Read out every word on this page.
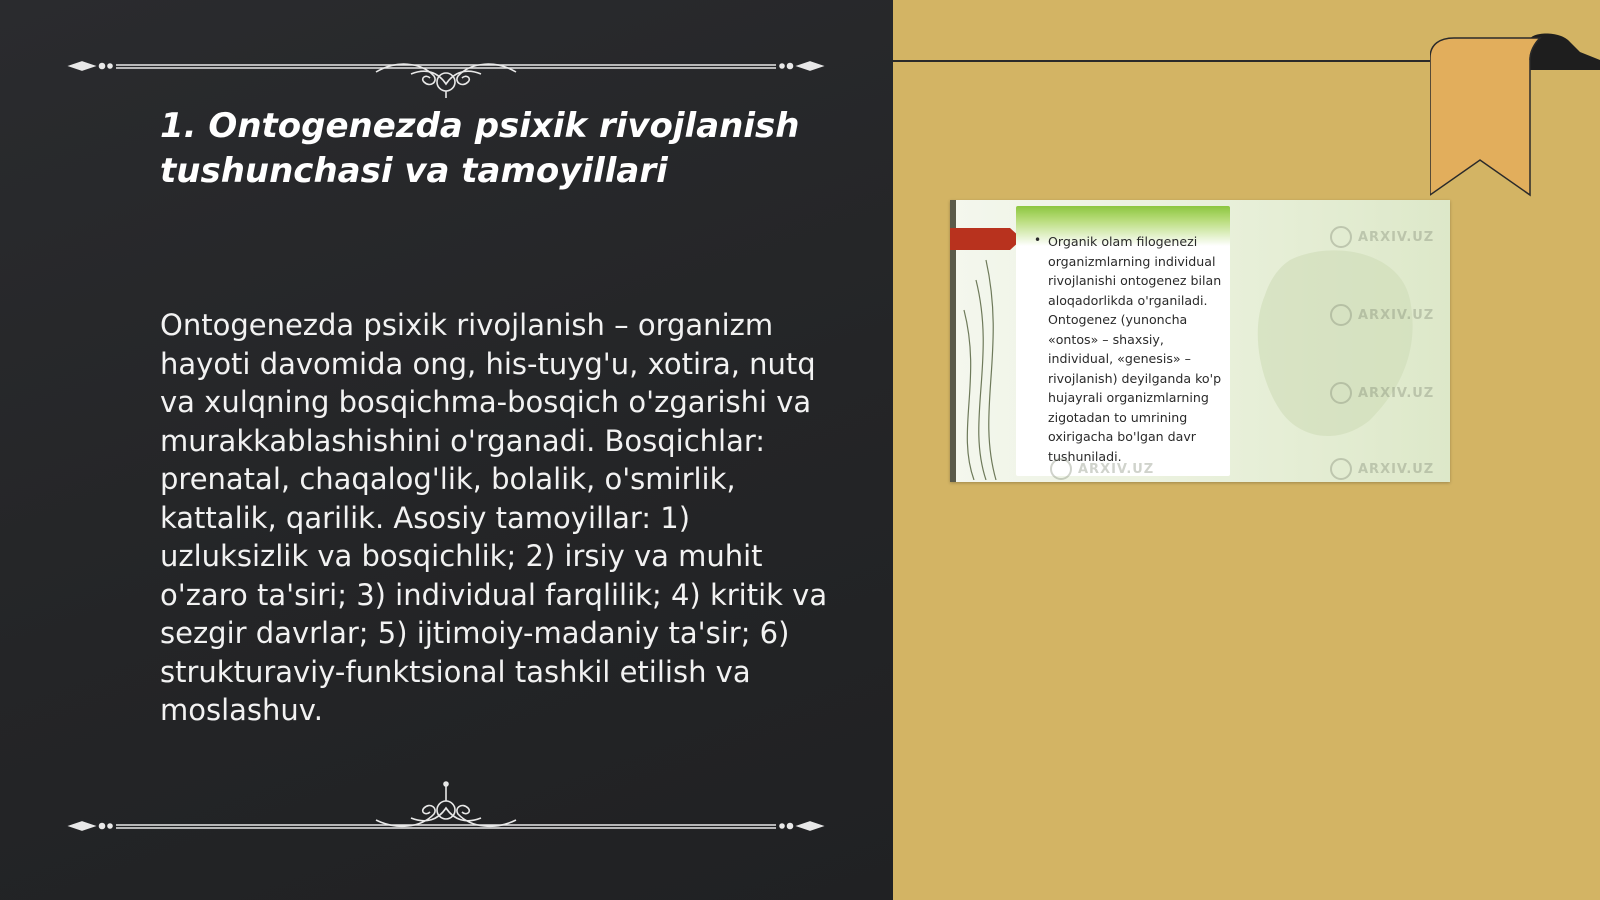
1. Ontogenezda psixik rivojlanish tushunchasi va tamoyillari

Ontogenezda psixik rivojlanish – organizm hayoti davomida ong, his-tuyg'u, xotira, nutq va xulqning bosqichma-bosqich o'zgarishi va murakkablashishini o'rganadi. Bosqichlar: prenatal, chaqalog'lik, bolalik, o'smirlik, kattalik, qarilik. Asosiy tamoyillar: 1) uzluksizlik va bosqichlik; 2) irsiy va muhit o'zaro ta'siri; 3) individual farqlilik; 4) kritik va sezgir davrlar; 5) ijtimoiy-madaniy ta'sir; 6) strukturaviy-funktsional tashkil etilish va moslashuv.

• Organik olam filogenezi organizmlarning individual rivojlanishi ontogenez bilan aloqadorlikda o'rganiladi. Ontogenez (yunoncha «ontos» – shaxsiy, individual, «genesis» – rivojlanish) deyilganda ko'p hujayrali organizmlarning zigotadan to umrining oxirigacha bo'lgan davr tushuniladi.

ARXIV.UZ
ARXIV.UZ
ARXIV.UZ
ARXIV.UZ
ARXIV.UZ
